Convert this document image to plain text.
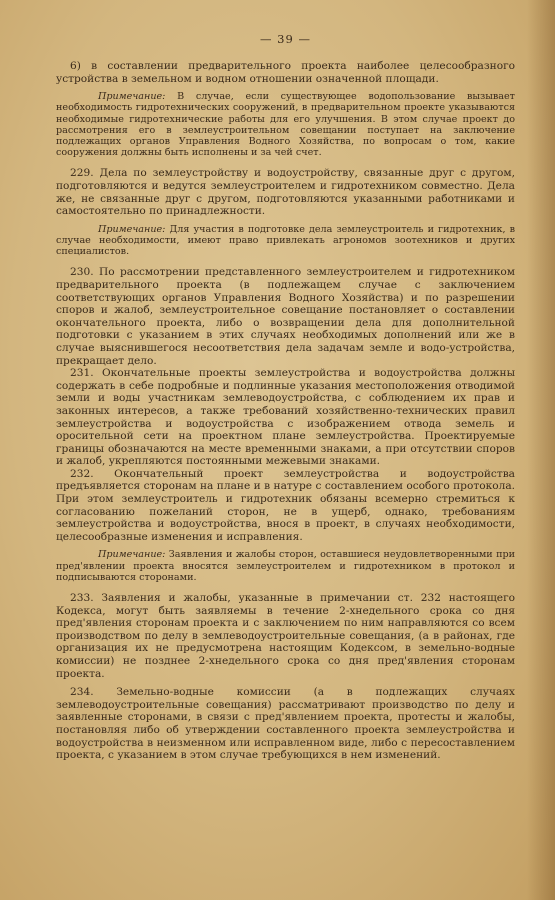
— 39 —

6) в составлении предварительного проекта наиболее целесообразного устройства в земельном и водном отношении означенной площади.

Примечание: В случае, если существующее водопользование вызывает необходимость гидротехнических сооружений, в предварительном проекте указываются необходимые гидротехнические работы для его улучшения. В этом случае проект до рассмотрения его в землеустроительном совещании поступает на заключение подлежащих органов Управления Водного Хозяйства, по вопросам о том, какие сооружения должны быть исполнены и за чей счет.

229. Дела по землеустройству и водоустройству, связанные друг с другом, подготовляются и ведутся землеустроителем и гидротехником совместно. Дела же, не связанные друг с другом, подготовляются указанными работниками и самостоятельно по принадлежности.

Примечание: Для участия в подготовке дела землеустроитель и гидротехник, в случае необходимости, имеют право привлекать агрономов зоотехников и других специалистов.

230. По рассмотрении представленного землеустроителем и гидротехником предварительного проекта (в подлежащем случае с заключением соответствующих органов Управления Водного Хозяйства) и по разрешении споров и жалоб, землеустроительное совещание постановляет о составлении окончательного проекта, либо о возвращении дела для дополнительной подготовки с указанием в этих случаях необходимых дополнений или же в случае выяснившегося несоответствия дела задачам земле и водо-устройства, прекращает дело.

231. Окончательные проекты землеустройства и водоустройства должны содержать в себе подробные и подлинные указания местоположения отводимой земли и воды участникам землеводоустройства, с соблюдением их прав и законных интересов, а также требований хозяйственно-технических правил землеустройства и водоустройства с изображением отвода земель и оросительной сети на проектном плане землеустройства. Проектируемые границы обозначаются на месте временными знаками, а при отсутствии споров и жалоб, укрепляются постоянными межевыми знаками.

232. Окончательный проект землеустройства и водоустройства предъявляется сторонам на плане и в натуре с составлением особого протокола. При этом землеустроитель и гидротехник обязаны всемерно стремиться к согласованию пожеланий сторон, не в ущерб, однако, требованиям землеустройства и водоустройства, внося в проект, в случаях необходимости, целесообразные изменения и исправления.

Примечание: Заявления и жалобы сторон, оставшиеся неудовлетворенными при пред'явлении проекта вносятся землеустроителем и гидротехником в протокол и подписываются сторонами.

233. Заявления и жалобы, указанные в примечании ст. 232 настоящего Кодекса, могут быть заявляемы в течение 2-хнедельного срока со дня пред'явления сторонам проекта и с заключением по ним направляются со всем производством по делу в землеводоустроительные совещания, (а в районах, где организация их не предусмотрена настоящим Кодексом, в земельно-водные комиссии) не позднее 2-хнедельного срока со дня пред'явления сторонам проекта.

234. Земельно-водные комиссии (а в подлежащих случаях землеводоустроительные совещания) рассматривают производство по делу и заявленные сторонами, в связи с пред'явлением проекта, протесты и жалобы, постановляя либо об утверждении составленного проекта землеустройства и водоустройства в неизменном или исправленном виде, либо с пересоставлением проекта, с указанием в этом случае требующихся в нем изменений.
